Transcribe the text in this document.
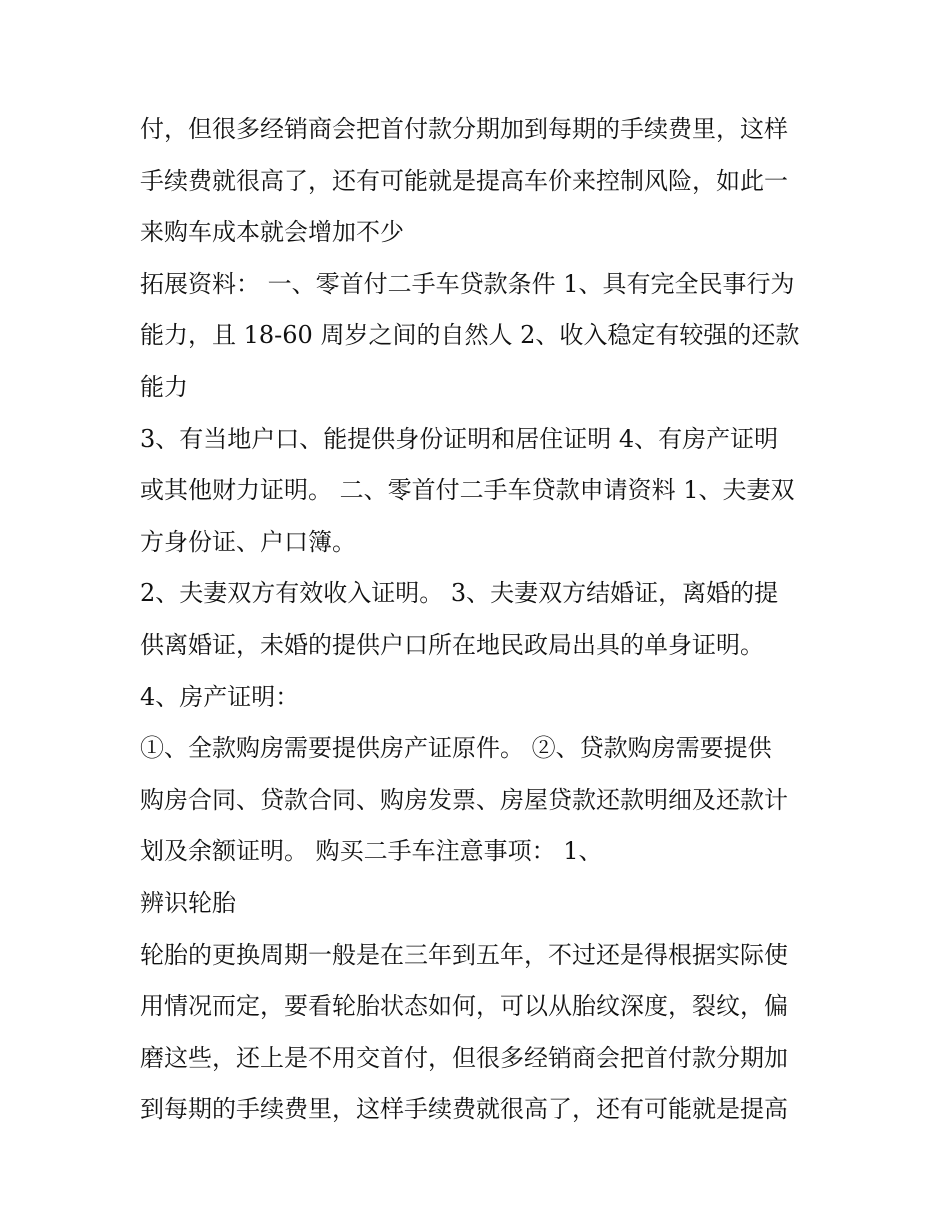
付，但很多经销商会把首付款分期加到每期的手续费里，这样
手续费就很高了，还有可能就是提高车价来控制风险，如此一
来购车成本就会增加不少
拓展资料： 一、零首付二手车贷款条件 1、具有完全民事行为
能力，且 18-60 周岁之间的自然人 2、收入稳定有较强的还款
能力
3、有当地户口、能提供身份证明和居住证明 4、有房产证明
或其他财力证明。 二、零首付二手车贷款申请资料 1、夫妻双
方身份证、户口簿。
2、夫妻双方有效收入证明。 3、夫妻双方结婚证，离婚的提
供离婚证，未婚的提供户口所在地民政局出具的单身证明。
4、房产证明：
①、全款购房需要提供房产证原件。 ②、贷款购房需要提供
购房合同、贷款合同、购房发票、房屋贷款还款明细及还款计
划及余额证明。 购买二手车注意事项： 1、
辨识轮胎
轮胎的更换周期一般是在三年到五年，不过还是得根据实际使
用情况而定，要看轮胎状态如何，可以从胎纹深度，裂纹，偏
磨这些，还上是不用交首付，但很多经销商会把首付款分期加
到每期的手续费里，这样手续费就很高了，还有可能就是提高
